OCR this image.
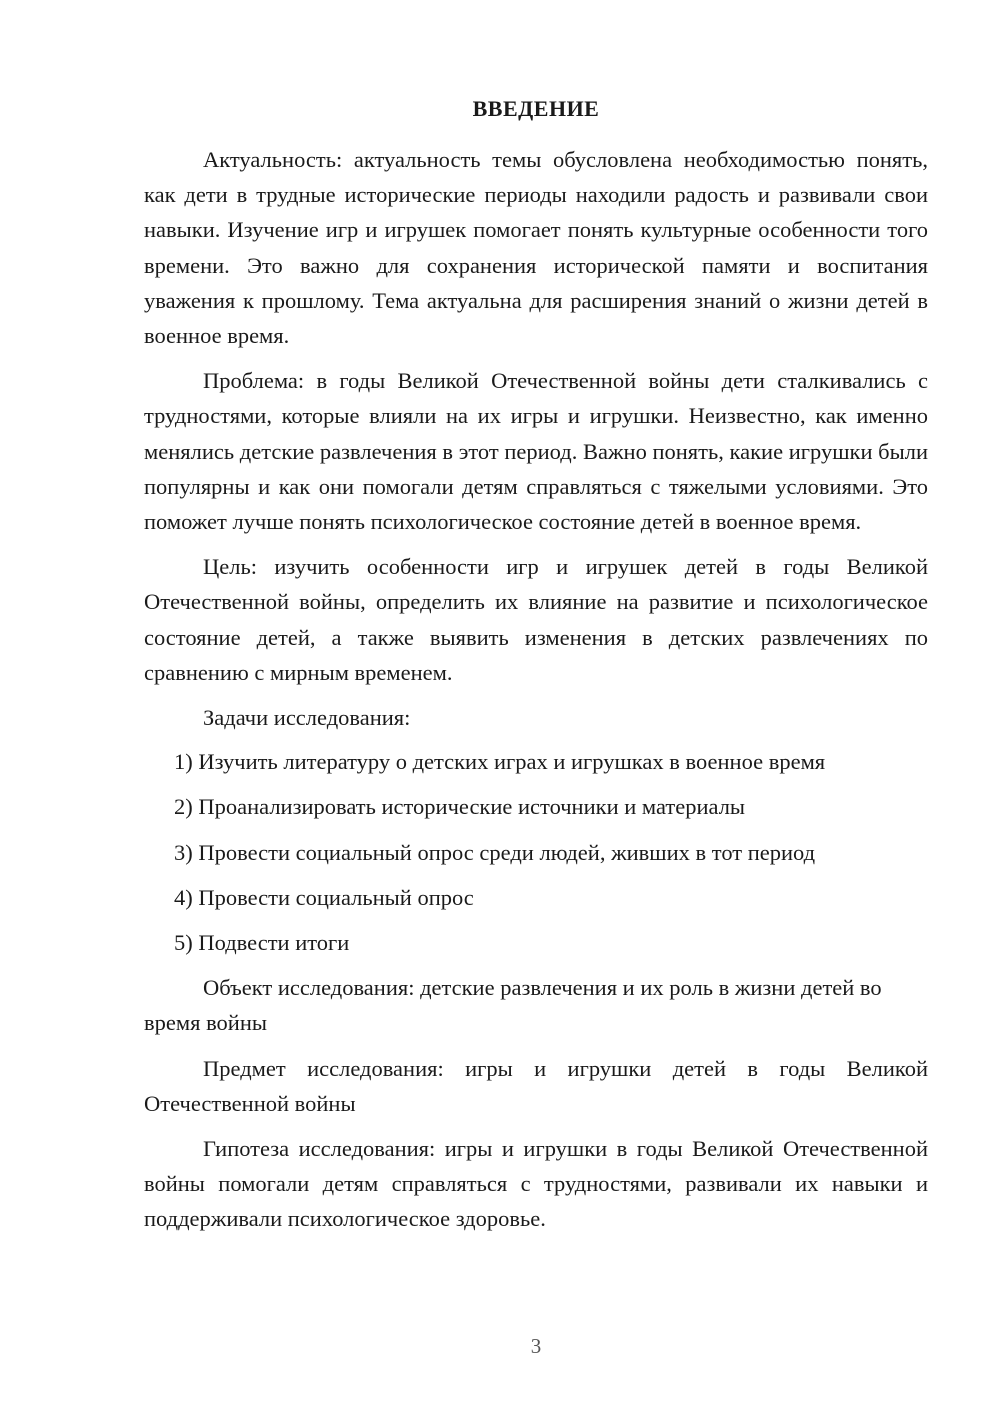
ВВЕДЕНИЕ

Актуальность: актуальность темы обусловлена необходимостью понять, как дети в трудные исторические периоды находили радость и развивали свои навыки. Изучение игр и игрушек помогает понять культурные особенности того времени. Это важно для сохранения исторической памяти и воспитания уважения к прошлому. Тема актуальна для расширения знаний о жизни детей в военное время.

Проблема: в годы Великой Отечественной войны дети сталкивались с трудностями, которые влияли на их игры и игрушки. Неизвестно, как именно менялись детские развлечения в этот период. Важно понять, какие игрушки были популярны и как они помогали детям справляться с тяжелыми условиями. Это поможет лучше понять психологическое состояние детей в военное время.

Цель: изучить особенности игр и игрушек детей в годы Великой Отечественной войны, определить их влияние на развитие и психологическое состояние детей, а также выявить изменения в детских развлечениях по сравнению с мирным временем.

Задачи исследования:

1) Изучить литературу о детских играх и игрушках в военное время
2) Проанализировать исторические источники и материалы
3) Провести социальный опрос среди людей, живших в тот период
4) Провести социальный опрос
5) Подвести итоги

Объект исследования: детские развлечения и их роль в жизни детей во время войны

Предмет исследования: игры и игрушки детей в годы Великой Отечественной войны

Гипотеза исследования: игры и игрушки в годы Великой Отечественной войны помогали детям справляться с трудностями, развивали их навыки и поддерживали психологическое здоровье.

3
